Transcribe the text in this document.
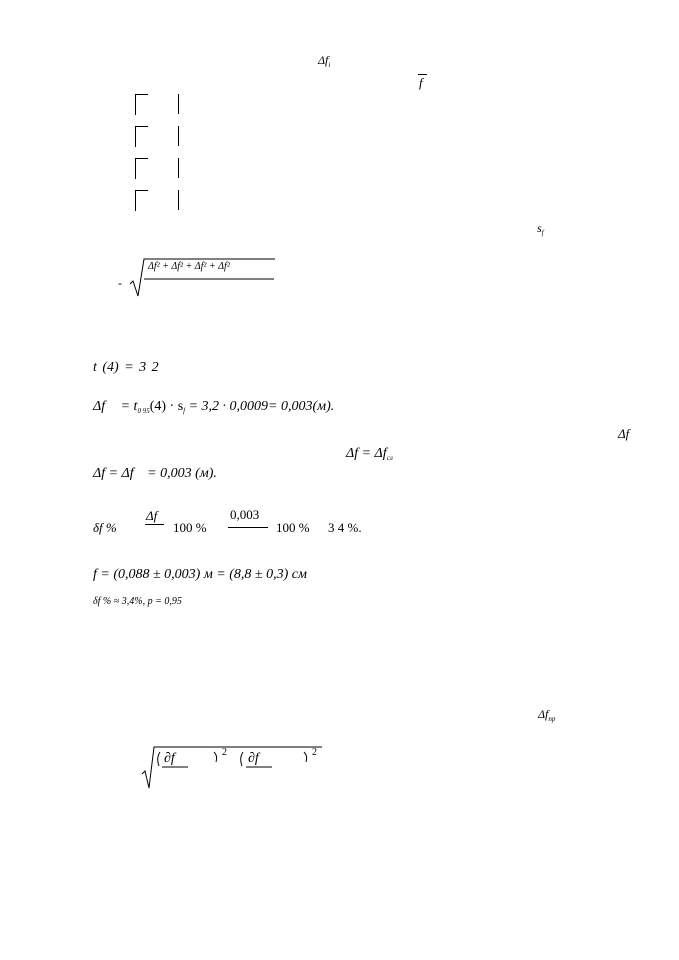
$\Delta f_i$
f
$s_f$
-
Δf² + Δf² + Δf² + Δf²
t (4) = 3 2
$\Delta f = t_{0 95}(4) \cdot s_f = 3,2 \cdot 0,0009= 0,003(м)$.
Δf
$\Delta f = \Delta f_{сл}$
Δf = Δf = 0,003 (м).
δf %
Δf
100 %
0,003
100 % 3 4 %.
f = (0,088 ± 0,003) м = (8,8 ± 0,3) см
δf % ≈ 3,4%, p = 0,95
$\Delta f_{пр}$
∂f	2 ∂f	2
